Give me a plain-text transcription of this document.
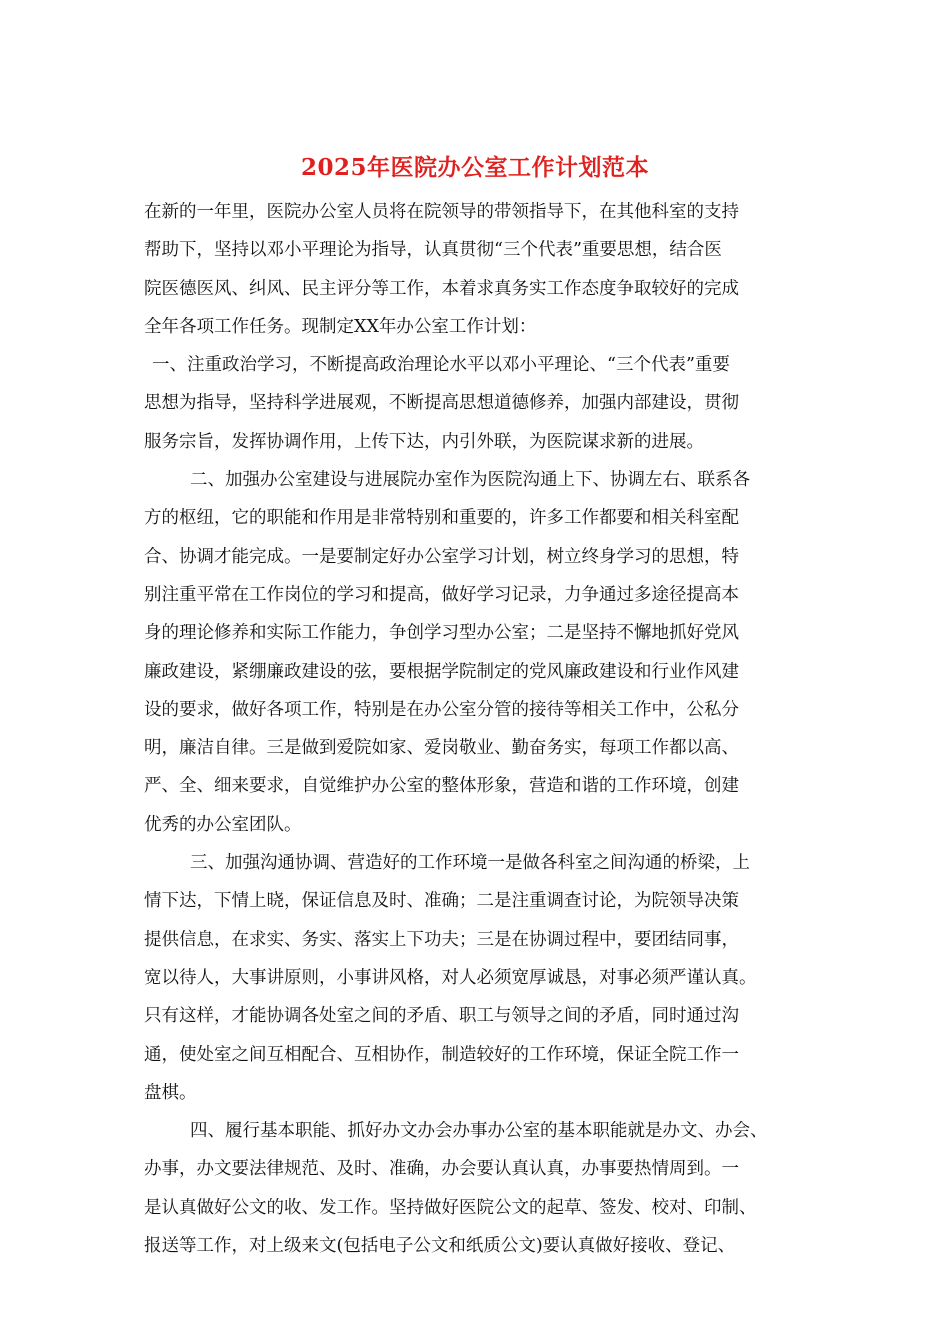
2025年医院办公室工作计划范本
在新的一年里，医院办公室人员将在院领导的带领指导下，在其他科室的支持
帮助下，坚持以邓小平理论为指导，认真贯彻“三个代表”重要思想，结合医
院医德医风、纠风、民主评分等工作，本着求真务实工作态度争取较好的完成
全年各项工作任务。现制定XX年办公室工作计划：
一、注重政治学习，不断提高政治理论水平以邓小平理论、“三个代表”重要
思想为指导，坚持科学进展观，不断提高思想道德修养，加强内部建设，贯彻
服务宗旨，发挥协调作用，上传下达，内引外联，为医院谋求新的进展。
二、加强办公室建设与进展院办室作为医院沟通上下、协调左右、联系各
方的枢纽，它的职能和作用是非常特别和重要的，许多工作都要和相关科室配
合、协调才能完成。一是要制定好办公室学习计划，树立终身学习的思想，特
别注重平常在工作岗位的学习和提高，做好学习记录，力争通过多途径提高本
身的理论修养和实际工作能力，争创学习型办公室；二是坚持不懈地抓好党风
廉政建设，紧绷廉政建设的弦，要根据学院制定的党风廉政建设和行业作风建
设的要求，做好各项工作，特别是在办公室分管的接待等相关工作中，公私分
明，廉洁自律。三是做到爱院如家、爱岗敬业、勤奋务实，每项工作都以高、
严、全、细来要求，自觉维护办公室的整体形象，营造和谐的工作环境，创建
优秀的办公室团队。
三、加强沟通协调、营造好的工作环境一是做各科室之间沟通的桥梁，上
情下达，下情上晓，保证信息及时、准确；二是注重调查讨论，为院领导决策
提供信息，在求实、务实、落实上下功夫；三是在协调过程中，要团结同事，
宽以待人，大事讲原则，小事讲风格，对人必须宽厚诚恳，对事必须严谨认真。
只有这样，才能协调各处室之间的矛盾、职工与领导之间的矛盾，同时通过沟
通，使处室之间互相配合、互相协作，制造较好的工作环境，保证全院工作一
盘棋。
四、履行基本职能、抓好办文办会办事办公室的基本职能就是办文、办会、
办事，办文要法律规范、及时、准确，办会要认真认真，办事要热情周到。一
是认真做好公文的收、发工作。坚持做好医院公文的起草、签发、校对、印制、
报送等工作，对上级来文(包括电子公文和纸质公文)要认真做好接收、登记、
